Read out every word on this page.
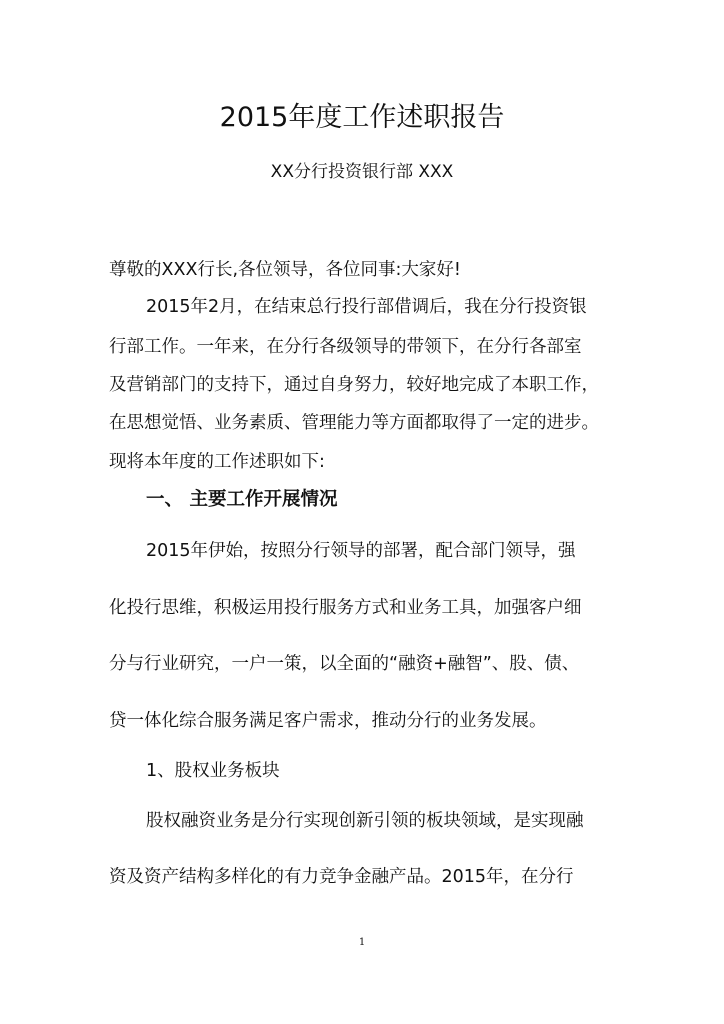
2015年度工作述职报告
XX分行投资银行部 XXX
尊敬的XXX行长,各位领导，各位同事:大家好!
2015年2月，在结束总行投行部借调后，我在分行投资银
行部工作。一年来，在分行各级领导的带领下，在分行各部室
及营销部门的支持下，通过自身努力，较好地完成了本职工作，
在思想觉悟、业务素质、管理能力等方面都取得了一定的进步。
现将本年度的工作述职如下:
一、 主要工作开展情况
2015年伊始，按照分行领导的部署，配合部门领导，强
化投行思维，积极运用投行服务方式和业务工具，加强客户细
分与行业研究，一户一策，以全面的“融资+融智”、股、债、
贷一体化综合服务满足客户需求，推动分行的业务发展。
1、股权业务板块
股权融资业务是分行实现创新引领的板块领域，是实现融
资及资产结构多样化的有力竞争金融产品。2015年，在分行
1
